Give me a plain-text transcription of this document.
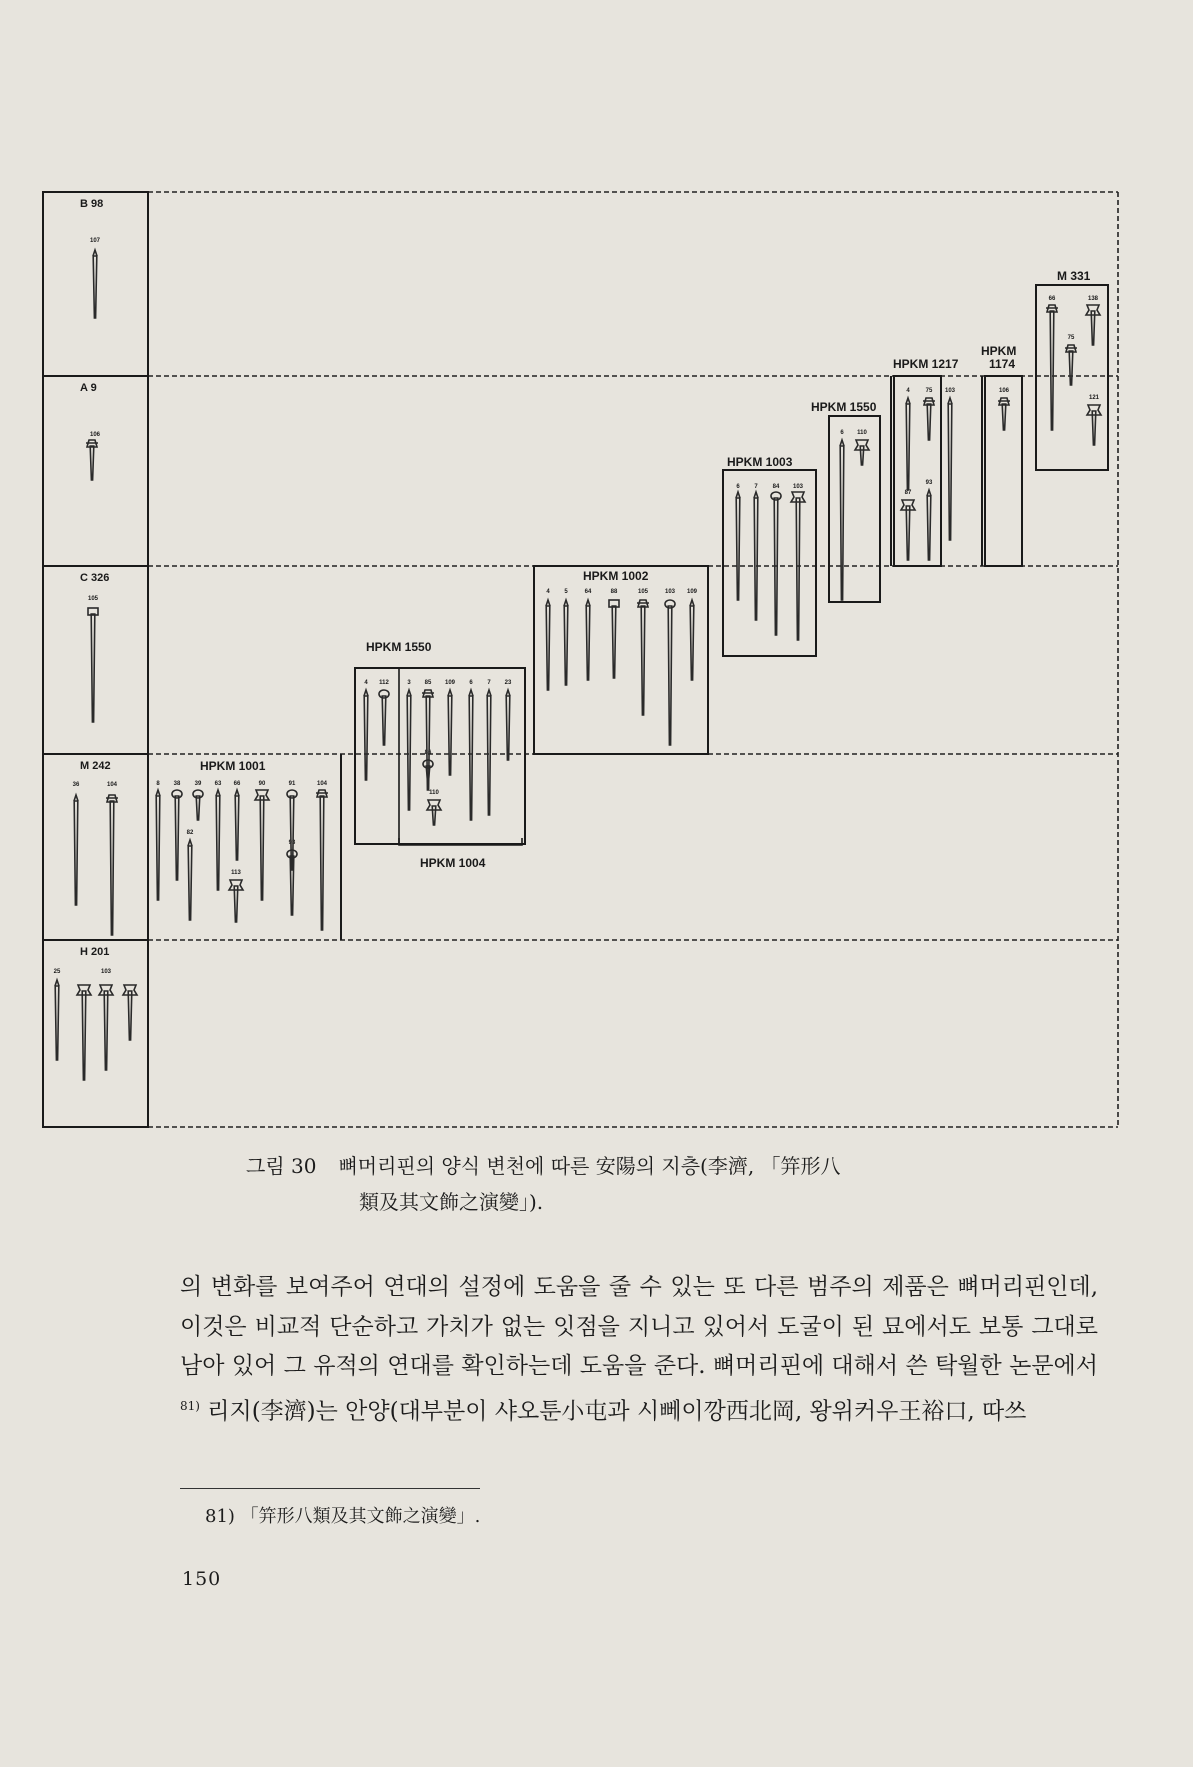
B 98
107
A 9
106
C 326
105
M 242
36	104
H 201
25	103
HPKM 1001
8 38 39 63 66	90	91	104
82
93
113
HPKM 1550
4 112	3 85 109 6 7 23
86
110
HPKM 1004
HPKM 1002
4 5	64	88	105	103 109
HPKM 1003
6 7 84 103
HPKM 1550
6 110
HPKM 1217
4	75 103
87
93
HPKM
1174
106
M 331
66	138
75
121
그림 30 뼈머리핀의 양식 변천에 따른 安陽의 지층(李濟, 「笄形八
類及其文飾之演變」).

의 변화를 보여주어 연대의 설정에 도움을 줄 수 있는 또 다른 범주의 제품은 뼈머리핀인데, 이것은 비교적 단순하고 가치가 없는 잇점을 지니고 있어서 도굴이 된 묘에서도 보통 그대로 남아 있어 그 유적의 연대를 확인하는데 도움을 준다. 뼈머리핀에 대해서 쓴 탁월한 논문에서$^{81)}$ 리지(李濟)는 안양(대부분이 샤오툰小屯과 시뻬이깡西北岡, 왕위커우王裕口, 따쓰

81) 「笄形八類及其文飾之演變」.
150
